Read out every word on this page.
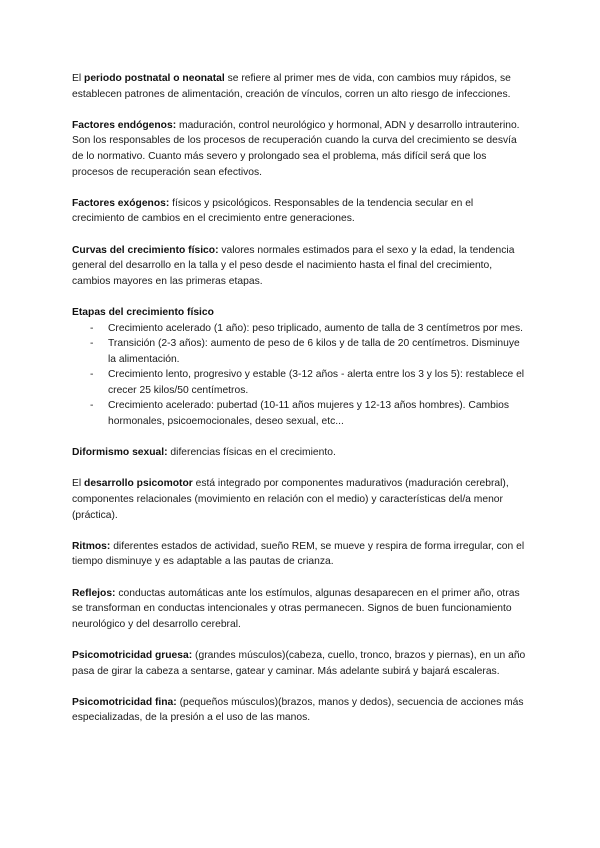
El periodo postnatal o neonatal se refiere al primer mes de vida, con cambios muy rápidos, se establecen patrones de alimentación, creación de vínculos, corren un alto riesgo de infecciones.

Factores endógenos: maduración, control neurológico y hormonal, ADN y desarrollo intrauterino. Son los responsables de los procesos de recuperación cuando la curva del crecimiento se desvía de lo normativo. Cuanto más severo y prolongado sea el problema, más difícil será que los procesos de recuperación sean efectivos.

Factores exógenos: físicos y psicológicos. Responsables de la tendencia secular en el crecimiento de cambios en el crecimiento entre generaciones.

Curvas del crecimiento físico: valores normales estimados para el sexo y la edad, la tendencia general del desarrollo en la talla y el peso desde el nacimiento hasta el final del crecimiento, cambios mayores en las primeras etapas.

Etapas del crecimiento físico

- Crecimiento acelerado (1 año): peso triplicado, aumento de talla de 3 centímetros por mes.
- Transición (2-3 años): aumento de peso de 6 kilos y de talla de 20 centímetros. Disminuye la alimentación.
- Crecimiento lento, progresivo y estable (3-12 años - alerta entre los 3 y los 5): restablece el crecer 25 kilos/50 centímetros.
- Crecimiento acelerado: pubertad (10-11 años mujeres y 12-13 años hombres). Cambios hormonales, psicoemocionales, deseo sexual, etc...

Diformismo sexual: diferencias físicas en el crecimiento.

El desarrollo psicomotor está integrado por componentes madurativos (maduración cerebral), componentes relacionales (movimiento en relación con el medio) y características del/a menor (práctica).

Ritmos: diferentes estados de actividad, sueño REM, se mueve y respira de forma irregular, con el tiempo disminuye y es adaptable a las pautas de crianza.

Reflejos: conductas automáticas ante los estímulos, algunas desaparecen en el primer año, otras se transforman en conductas intencionales y otras permanecen. Signos de buen funcionamiento neurológico y del desarrollo cerebral.

Psicomotricidad gruesa: (grandes músculos)(cabeza, cuello, tronco, brazos y piernas), en un año pasa de girar la cabeza a sentarse, gatear y caminar. Más adelante subirá y bajará escaleras.

Psicomotricidad fina: (pequeños músculos)(brazos, manos y dedos), secuencia de acciones más especializadas, de la presión a el uso de las manos.
